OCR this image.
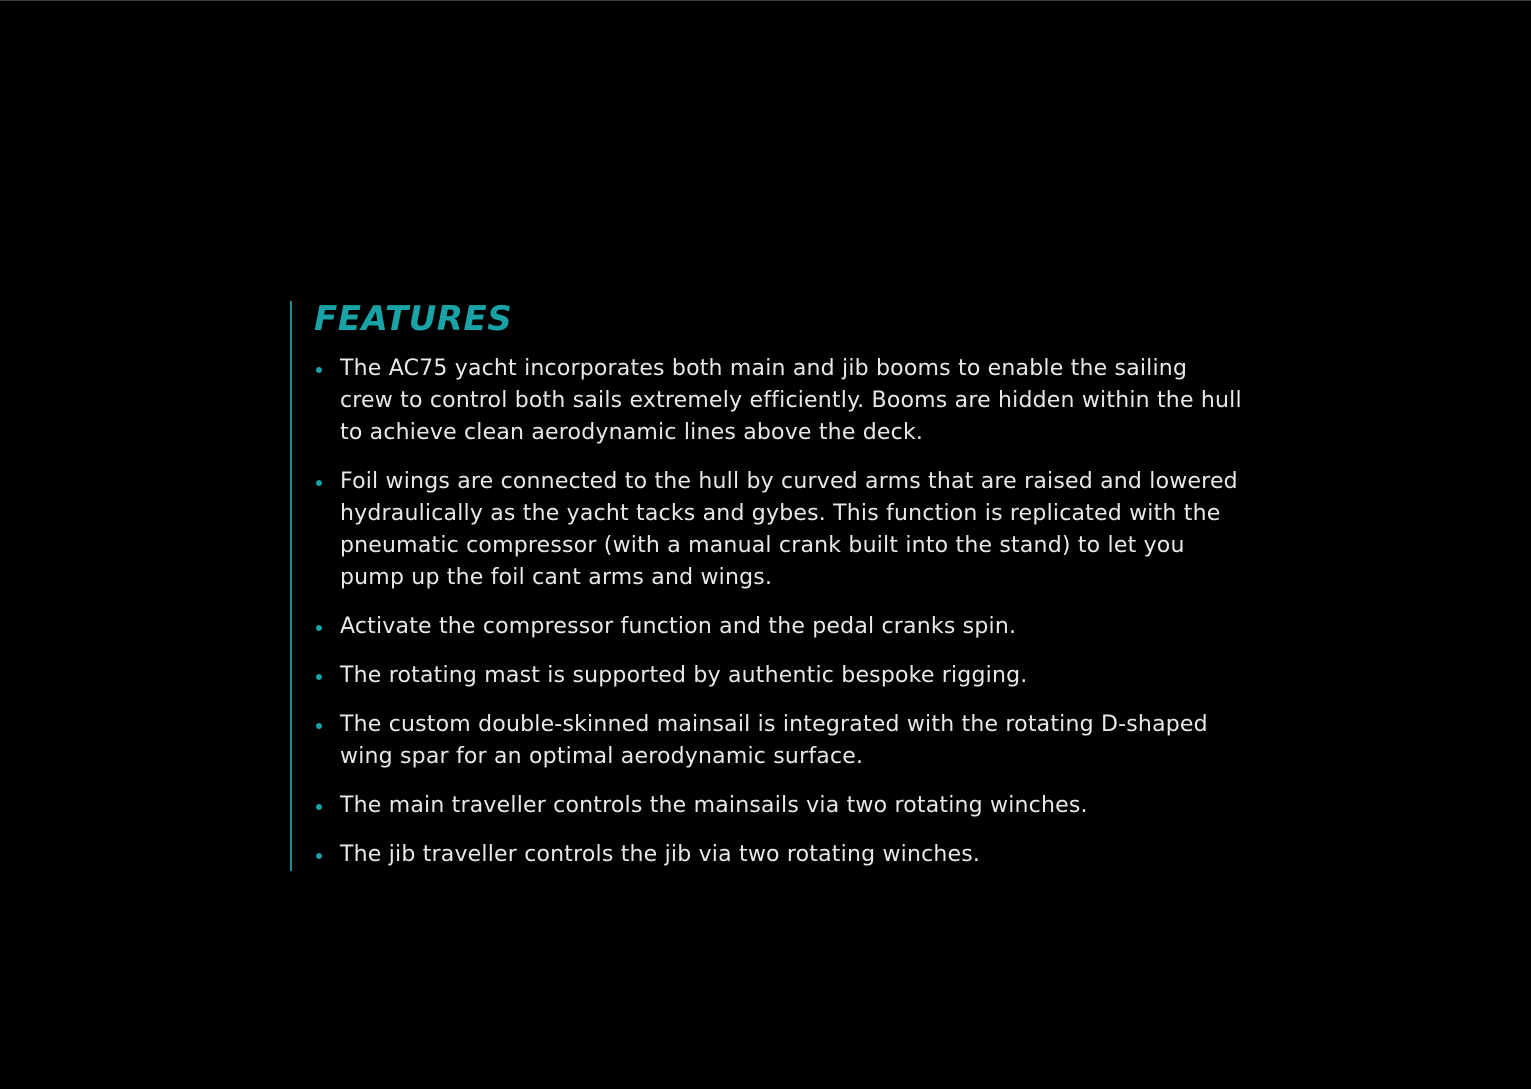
FEATURES
The AC75 yacht incorporates both main and jib booms to enable the sailing crew to control both sails extremely efficiently. Booms are hidden within the hull to achieve clean aerodynamic lines above the deck.
Foil wings are connected to the hull by curved arms that are raised and lowered hydraulically as the yacht tacks and gybes. This function is replicated with the pneumatic compressor (with a manual crank built into the stand) to let you pump up the foil cant arms and wings.
Activate the compressor function and the pedal cranks spin.
The rotating mast is supported by authentic bespoke rigging.
The custom double-skinned mainsail is integrated with the rotating D-shaped wing spar for an optimal aerodynamic surface.
The main traveller controls the mainsails via two rotating winches.
The jib traveller controls the jib via two rotating winches.
